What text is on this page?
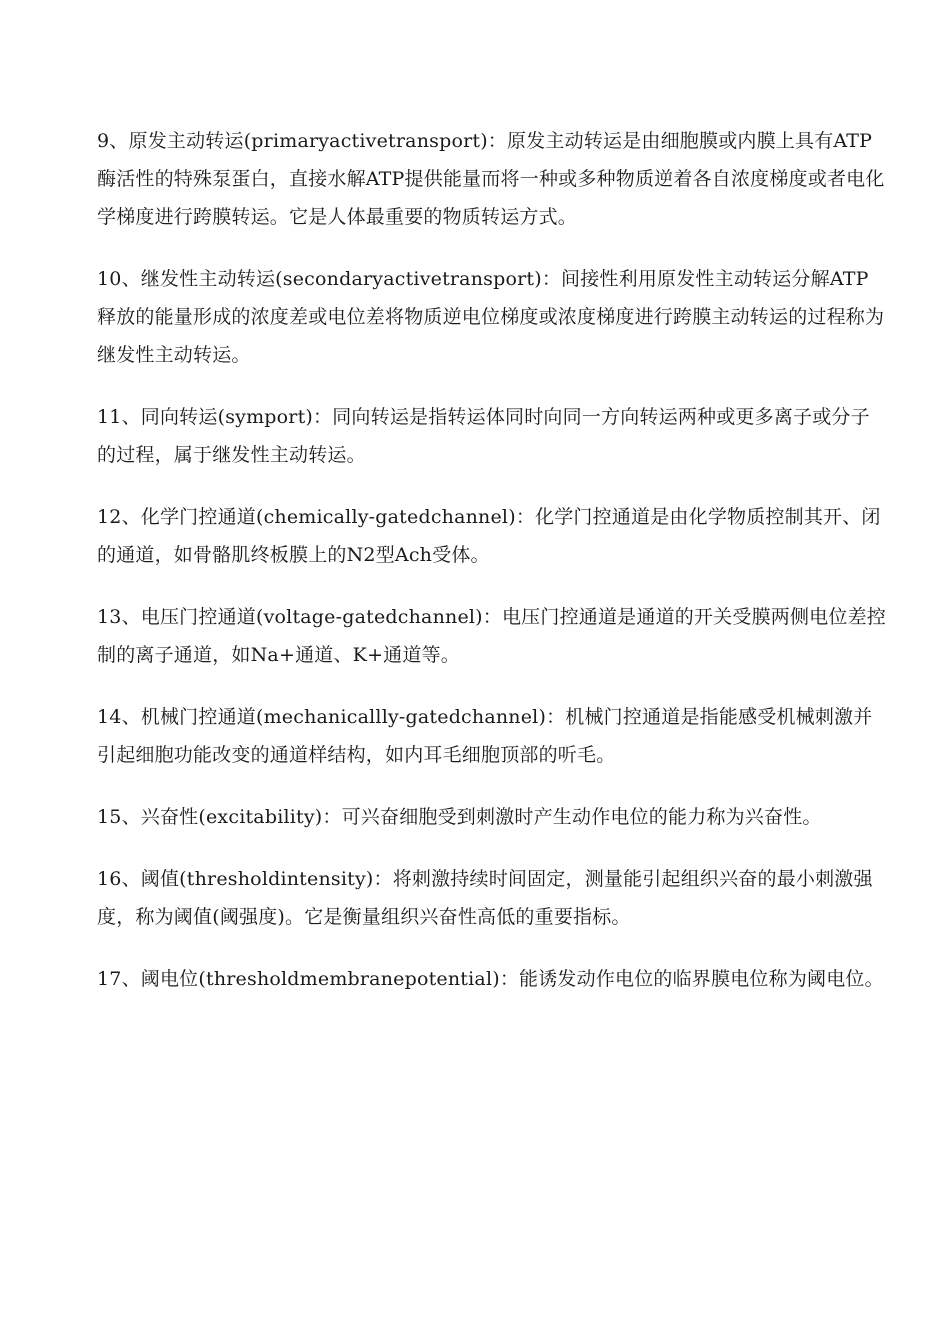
9、原发主动转运(primaryactivetransport)：原发主动转运是由细胞膜或内膜上具有ATP酶活性的特殊泵蛋白，直接水解ATP提供能量而将一种或多种物质逆着各自浓度梯度或者电化学梯度进行跨膜转运。它是人体最重要的物质转运方式。

10、继发性主动转运(secondaryactivetransport)：间接性利用原发性主动转运分解ATP释放的能量形成的浓度差或电位差将物质逆电位梯度或浓度梯度进行跨膜主动转运的过程称为继发性主动转运。

11、同向转运(symport)：同向转运是指转运体同时向同一方向转运两种或更多离子或分子的过程，属于继发性主动转运。

12、化学门控通道(chemically-gatedchannel)：化学门控通道是由化学物质控制其开、闭的通道，如骨骼肌终板膜上的N2型Ach受体。

13、电压门控通道(voltage-gatedchannel)：电压门控通道是通道的开关受膜两侧电位差控制的离子通道，如Na+通道、K+通道等。

14、机械门控通道(mechanicallly-gatedchannel)：机械门控通道是指能感受机械刺激并引起细胞功能改变的通道样结构，如内耳毛细胞顶部的听毛。

15、兴奋性(excitability)：可兴奋细胞受到刺激时产生动作电位的能力称为兴奋性。

16、阈值(thresholdintensity)：将刺激持续时间固定，测量能引起组织兴奋的最小刺激强度，称为阈值(阈强度)。它是衡量组织兴奋性高低的重要指标。

17、阈电位(thresholdmembranepotential)：能诱发动作电位的临界膜电位称为阈电位。
